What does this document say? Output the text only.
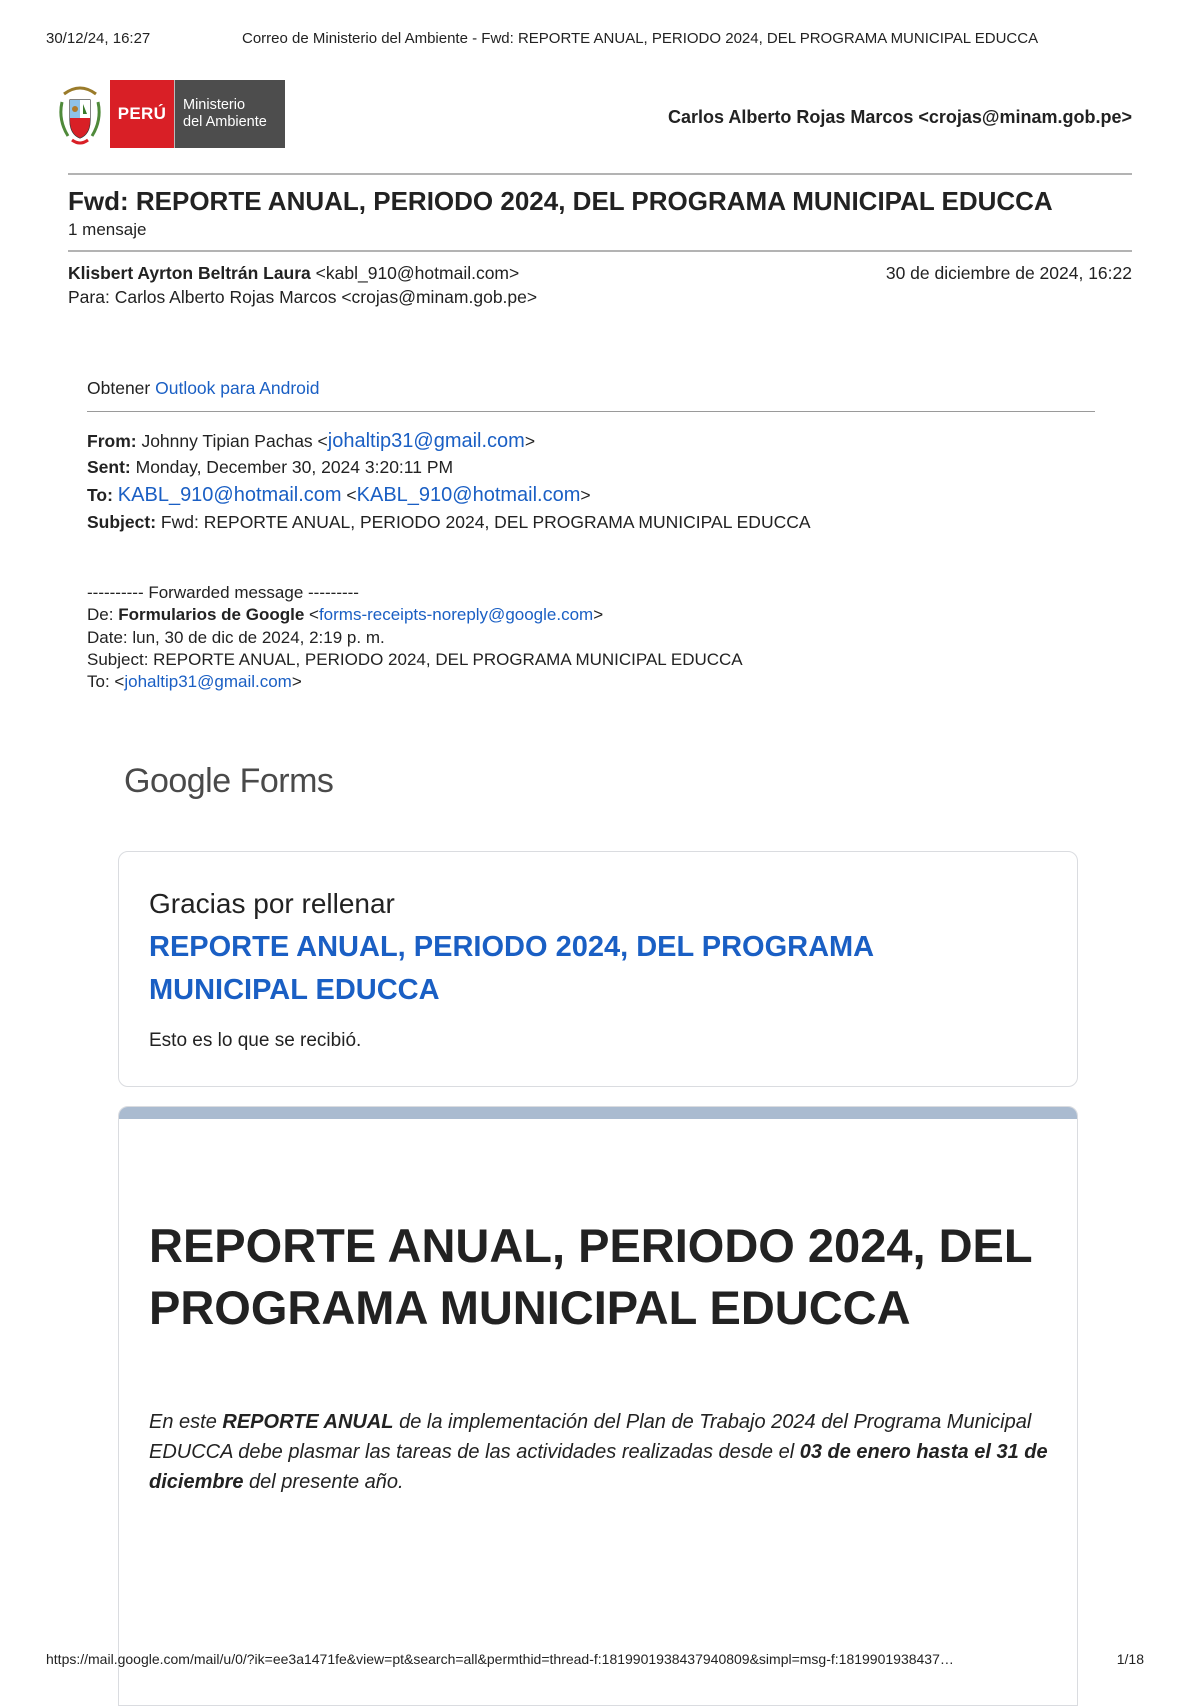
30/12/24, 16:27	Correo de Ministerio del Ambiente - Fwd: REPORTE ANUAL, PERIODO 2024, DEL PROGRAMA MUNICIPAL EDUCCA
PERÚ	Ministerio
del Ambiente	Carlos Alberto Rojas Marcos <crojas@minam.gob.pe>
Fwd: REPORTE ANUAL, PERIODO 2024, DEL PROGRAMA MUNICIPAL EDUCCA
1 mensaje
Klisbert Ayrton Beltrán Laura <kabl_910@hotmail.com>	30 de diciembre de 2024, 16:22
Para: Carlos Alberto Rojas Marcos <crojas@minam.gob.pe>
Obtener Outlook para Android
From: Johnny Tipian Pachas <johaltip31@gmail.com>
Sent: Monday, December 30, 2024 3:20:11 PM
To: KABL_910@hotmail.com <KABL_910@hotmail.com>
Subject: Fwd: REPORTE ANUAL, PERIODO 2024, DEL PROGRAMA MUNICIPAL EDUCCA
---------- Forwarded message ---------
De: Formularios de Google <forms-receipts-noreply@google.com>
Date: lun, 30 de dic de 2024, 2:19 p. m.
Subject: REPORTE ANUAL, PERIODO 2024, DEL PROGRAMA MUNICIPAL EDUCCA
To: <johaltip31@gmail.com>
Google Forms
Gracias por rellenar
REPORTE ANUAL, PERIODO 2024, DEL PROGRAMA MUNICIPAL EDUCCA
Esto es lo que se recibió.
REPORTE ANUAL, PERIODO 2024, DEL PROGRAMA MUNICIPAL EDUCCA
En este REPORTE ANUAL de la implementación del Plan de Trabajo 2024 del Programa Municipal EDUCCA debe plasmar las tareas de las actividades realizadas desde el 03 de enero hasta el 31 de diciembre del presente año.
https://mail.google.com/mail/u/0/?ik=ee3a1471fe&view=pt&search=all&permthid=thread-f:1819901938437940809&simpl=msg-f:1819901938437…	1/18
